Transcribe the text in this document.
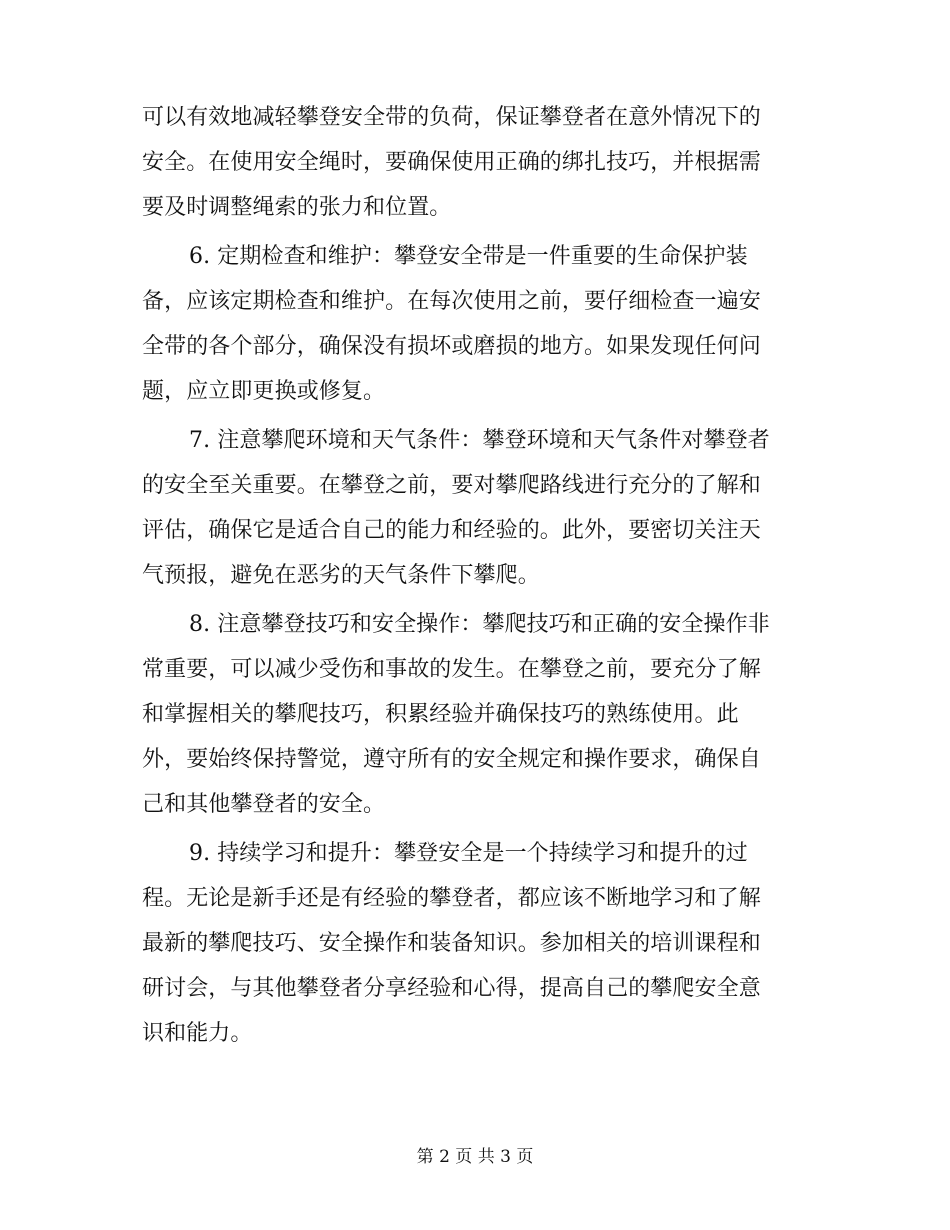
可以有效地减轻攀登安全带的负荷，保证攀登者在意外情况下的
安全。在使用安全绳时，要确保使用正确的绑扎技巧，并根据需
要及时调整绳索的张力和位置。
6. 定期检查和维护：攀登安全带是一件重要的生命保护装
备，应该定期检查和维护。在每次使用之前，要仔细检查一遍安
全带的各个部分，确保没有损坏或磨损的地方。如果发现任何问
题，应立即更换或修复。
7. 注意攀爬环境和天气条件：攀登环境和天气条件对攀登者
的安全至关重要。在攀登之前，要对攀爬路线进行充分的了解和
评估，确保它是适合自己的能力和经验的。此外，要密切关注天
气预报，避免在恶劣的天气条件下攀爬。
8. 注意攀登技巧和安全操作：攀爬技巧和正确的安全操作非
常重要，可以减少受伤和事故的发生。在攀登之前，要充分了解
和掌握相关的攀爬技巧，积累经验并确保技巧的熟练使用。此
外，要始终保持警觉，遵守所有的安全规定和操作要求，确保自
己和其他攀登者的安全。
9. 持续学习和提升：攀登安全是一个持续学习和提升的过
程。无论是新手还是有经验的攀登者，都应该不断地学习和了解
最新的攀爬技巧、安全操作和装备知识。参加相关的培训课程和
研讨会，与其他攀登者分享经验和心得，提高自己的攀爬安全意
识和能力。
第 2 页 共 3 页
